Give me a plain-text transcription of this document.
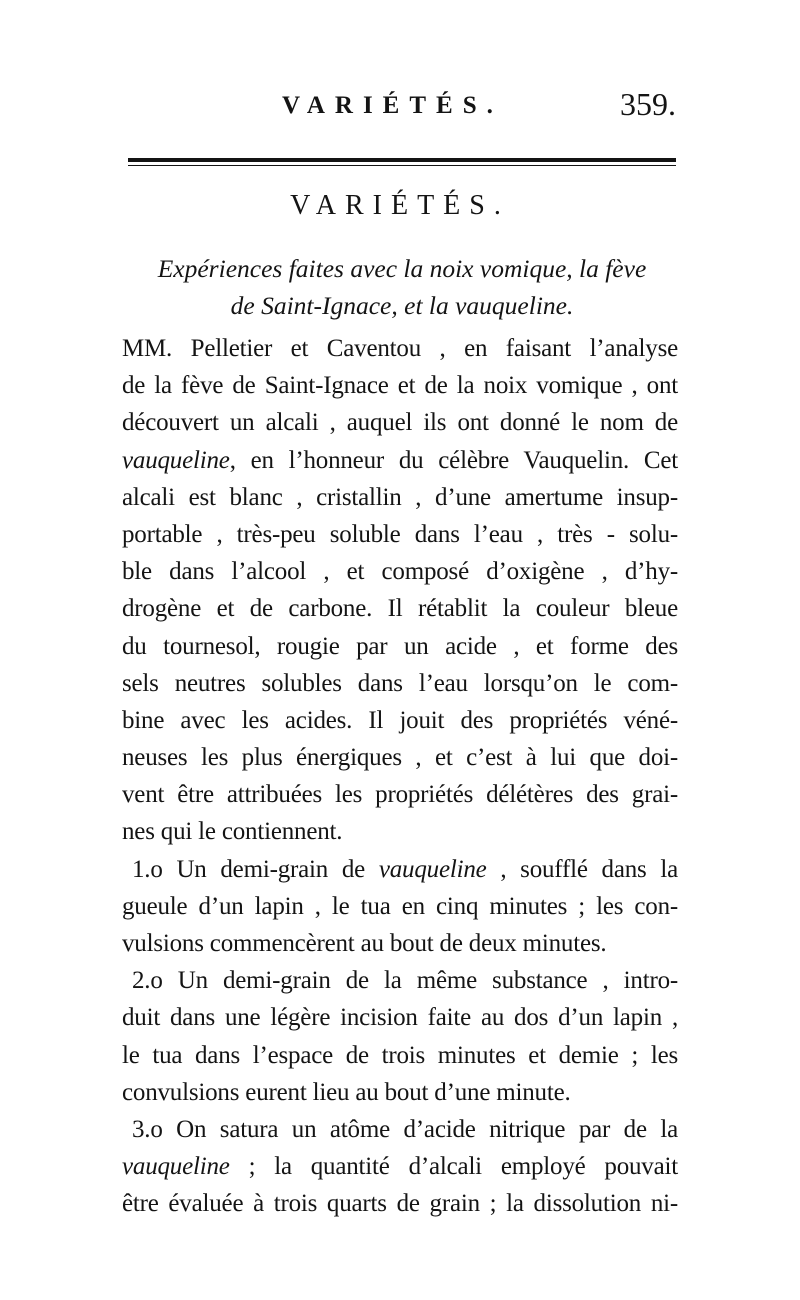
VARIÉTÉS.	359.
VARIÉTÉS.
Expériences faites avec la noix vomique, la fève
de Saint-Ignace, et la vauqueline.
MM. Pelletier et Caventou , en faisant l’analyse
de la fève de Saint-Ignace et de la noix vomique , ont
découvert un alcali , auquel ils ont donné le nom de
vauqueline, en l’honneur du célèbre Vauquelin. Cet
alcali est blanc , cristallin , d’une amertume insup-
portable , très-peu soluble dans l’eau , très - solu-
ble dans l’alcool , et composé d’oxigène , d’hy-
drogène et de carbone. Il rétablit la couleur bleue
du tournesol, rougie par un acide , et forme des
sels neutres solubles dans l’eau lorsqu’on le com-
bine avec les acides. Il jouit des propriétés véné-
neuses les plus énergiques , et c’est à lui que doi-
vent être attribuées les propriétés délétères des grai-
nes qui le contiennent.
1.o Un demi-grain de vauqueline , soufflé dans la
gueule d’un lapin , le tua en cinq minutes ; les con-
vulsions commencèrent au bout de deux minutes.
2.o Un demi-grain de la même substance , intro-
duit dans une légère incision faite au dos d’un lapin ,
le tua dans l’espace de trois minutes et demie ; les
convulsions eurent lieu au bout d’une minute.
3.o On satura un atôme d’acide nitrique par de la
vauqueline ; la quantité d’alcali employé pouvait
être évaluée à trois quarts de grain ; la dissolution ni-
